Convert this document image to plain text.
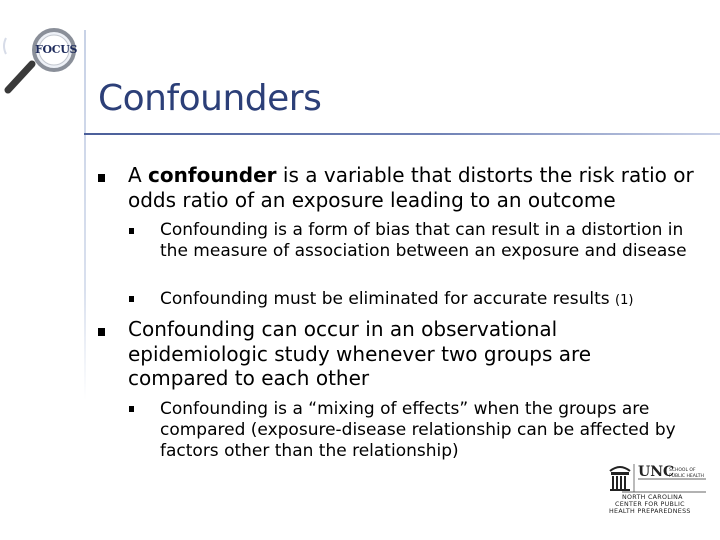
FOCUS
Confounders

A confounder is a variable that distorts the risk ratio or odds ratio of an exposure leading to an outcome

Confounding is a form of bias that can result in a distortion in the measure of association between an exposure and disease

Confounding must be eliminated for accurate results (1)

Confounding can occur in an observational epidemiologic study whenever two groups are compared to each other

Confounding is a “mixing of effects” when the groups are compared (exposure-disease relationship can be affected by factors other than the relationship)

UNC
SCHOOL OF
PUBLIC HEALTH
NORTH CAROLINA
CENTER FOR PUBLIC
HEALTH PREPAREDNESS
